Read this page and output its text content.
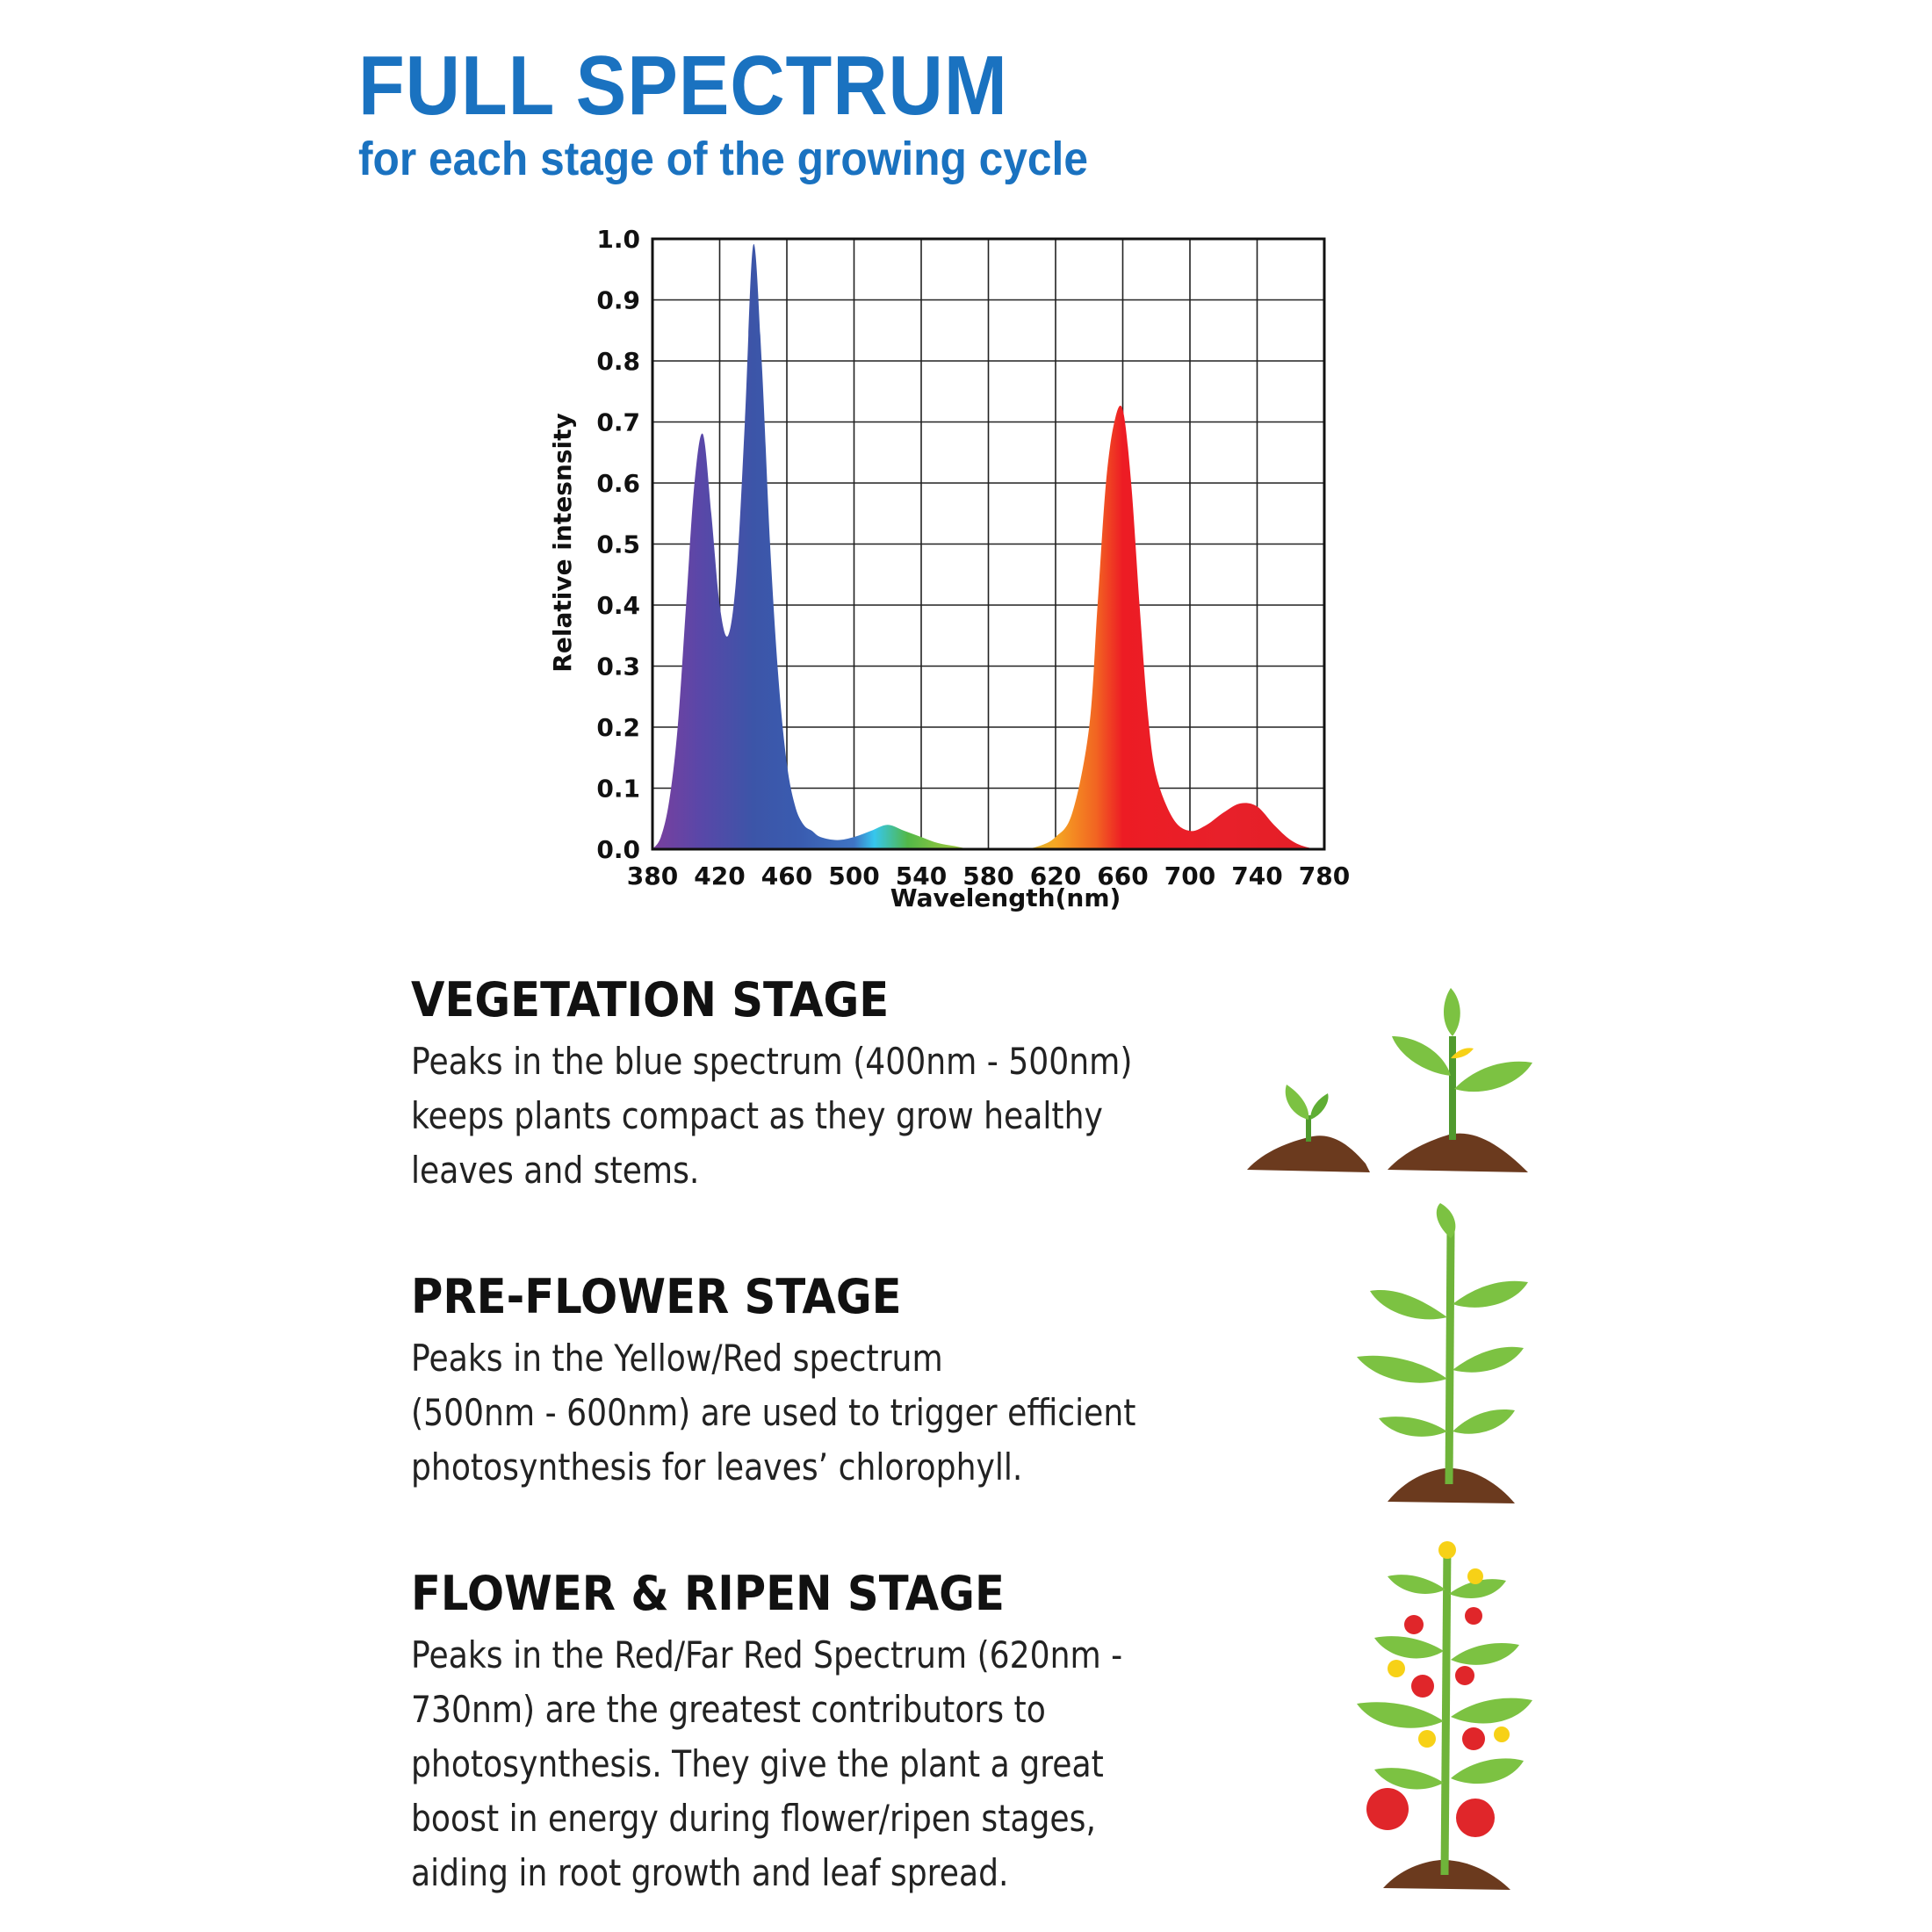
FULL SPECTRUM
for each stage of the growing cycle
380 420 460 500 540 580 620 660 700 740 780
0.0
0.1
0.2
0.3
0.4
0.5
0.6
0.7
0.8
0.9
1.0
Wavelength(nm)
Relative intesnsity
VEGETATION STAGE
Peaks in the blue spectrum (400nm - 500nm)
keeps plants compact as they grow healthy
leaves and stems.
PRE-FLOWER STAGE
Peaks in the Yellow/Red spectrum
(500nm - 600nm) are used to trigger efficient
photosynthesis for leaves’ chlorophyll.
FLOWER & RIPEN STAGE
Peaks in the Red/Far Red Spectrum (620nm -
730nm) are the greatest contributors to
photosynthesis. They give the plant a great
boost in energy during flower/ripen stages,
aiding in root growth and leaf spread.
